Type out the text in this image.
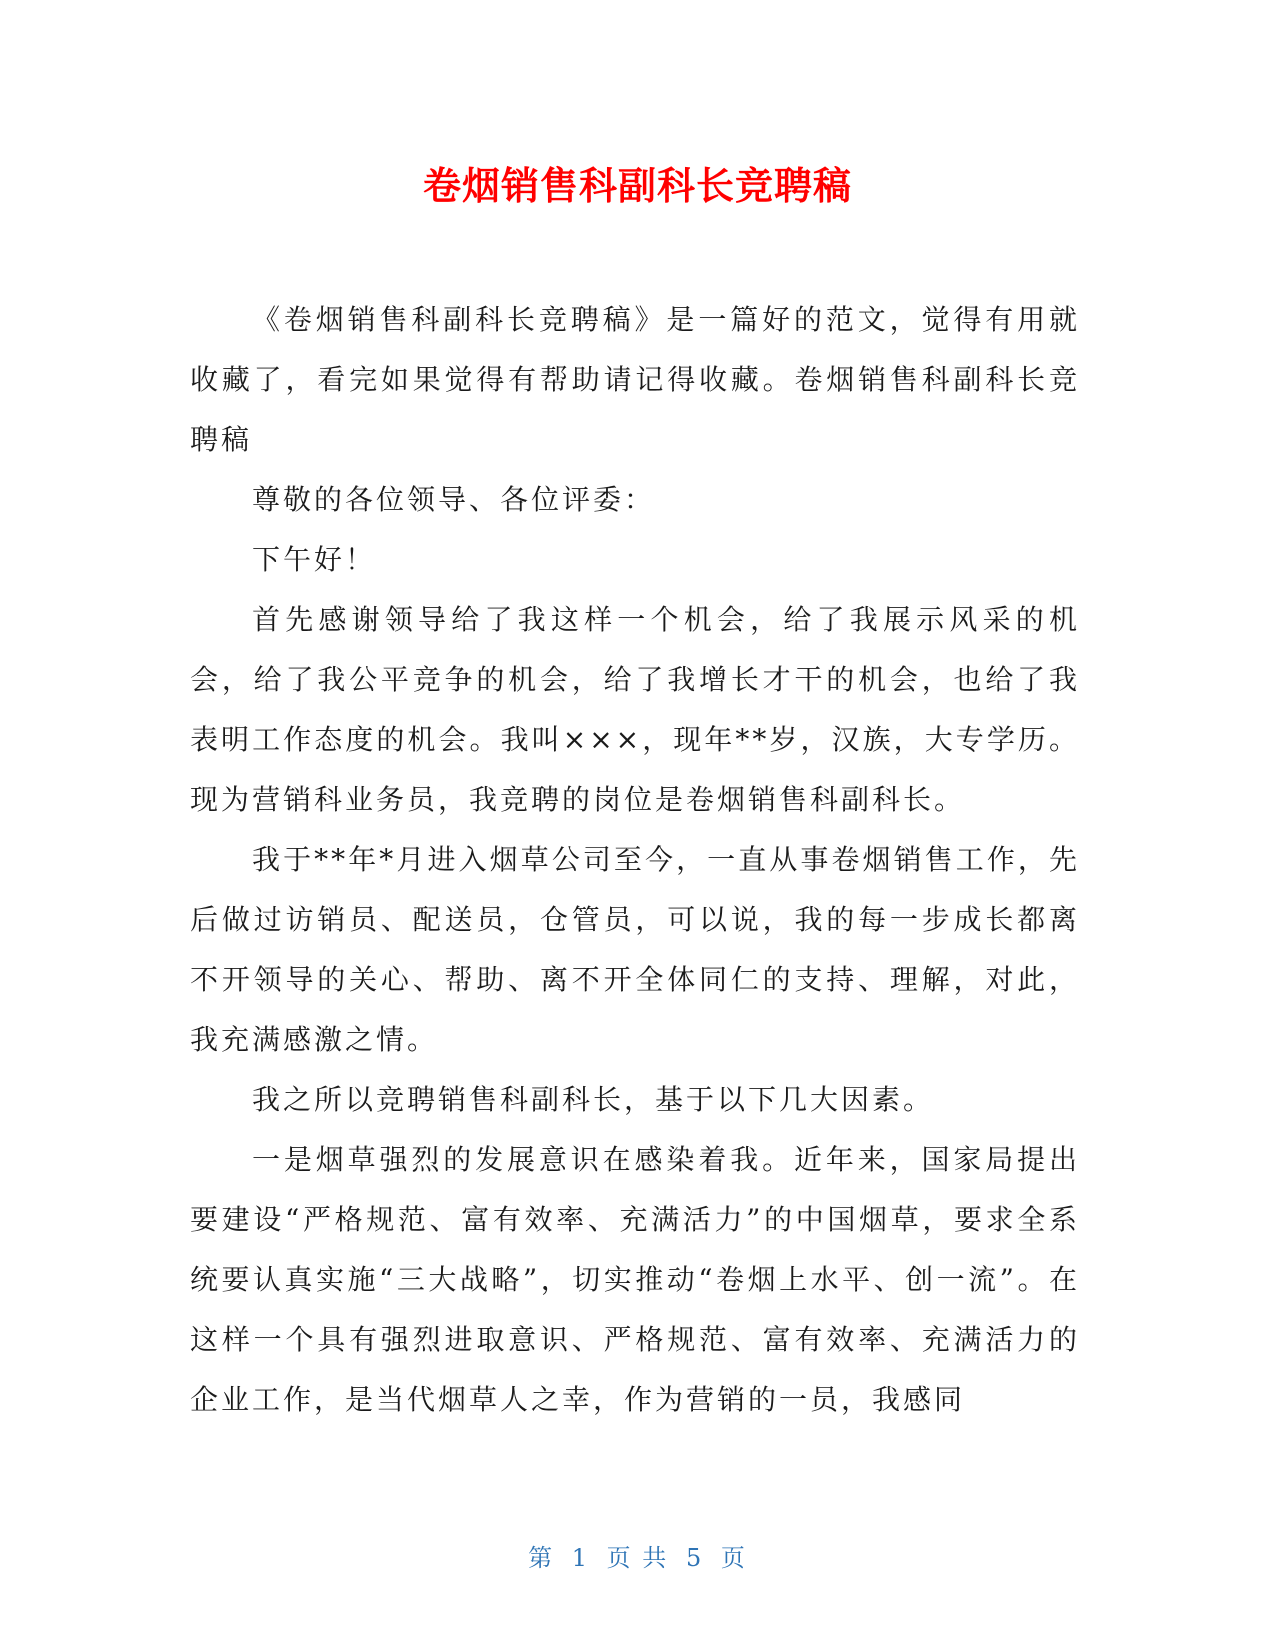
卷烟销售科副科长竞聘稿

《卷烟销售科副科长竞聘稿》是一篇好的范文，觉得有用就收藏了，看完如果觉得有帮助请记得收藏。卷烟销售科副科长竞聘稿

尊敬的各位领导、各位评委：

下午好！

首先感谢领导给了我这样一个机会，给了我展示风采的机会，给了我公平竞争的机会，给了我增长才干的机会，也给了我表明工作态度的机会。我叫×××，现年**岁，汉族，大专学历。现为营销科业务员，我竞聘的岗位是卷烟销售科副科长。

我于**年*月进入烟草公司至今，一直从事卷烟销售工作，先后做过访销员、配送员，仓管员，可以说，我的每一步成长都离不开领导的关心、帮助、离不开全体同仁的支持、理解，对此，我充满感激之情。

我之所以竞聘销售科副科长，基于以下几大因素。

一是烟草强烈的发展意识在感染着我。近年来，国家局提出要建设“严格规范、富有效率、充满活力”的中国烟草，要求全系统要认真实施“三大战略”，切实推动“卷烟上水平、创一流”。在这样一个具有强烈进取意识、严格规范、富有效率、充满活力的企业工作，是当代烟草人之幸，作为营销的一员，我感同

第 1 页 共 5 页
